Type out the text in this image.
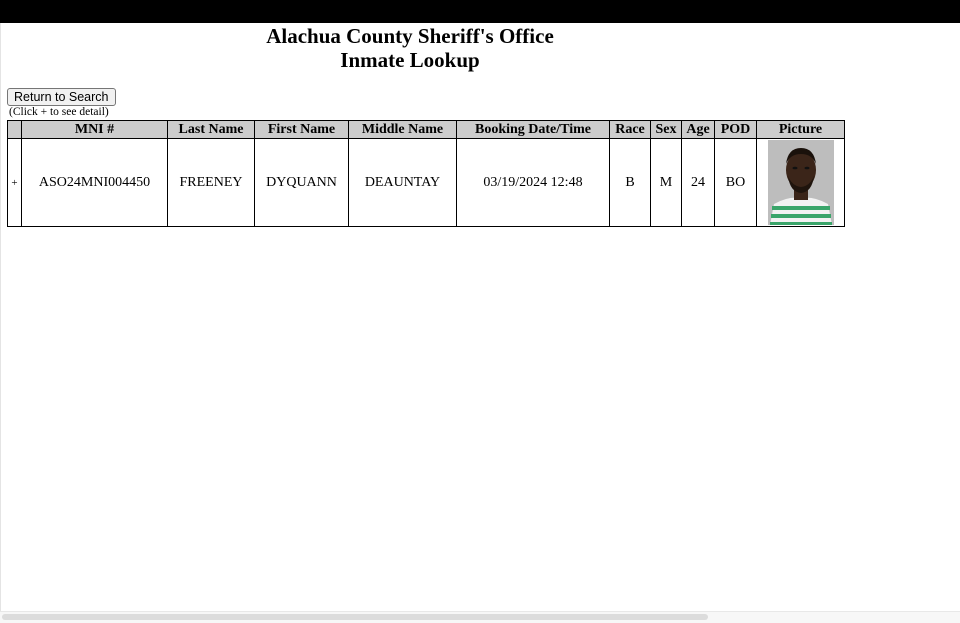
Alachua County Sheriff's Office
Inmate Lookup
Return to Search
(Click + to see detail)
	MNI #	Last Name	First Name	Middle Name	Booking Date/Time	Race	Sex	Age	POD	Picture
+	ASO24MNI004450	FREENEY	DYQUANN	DEAUNTAY	03/19/2024 12:48	B	M	24	BO	
